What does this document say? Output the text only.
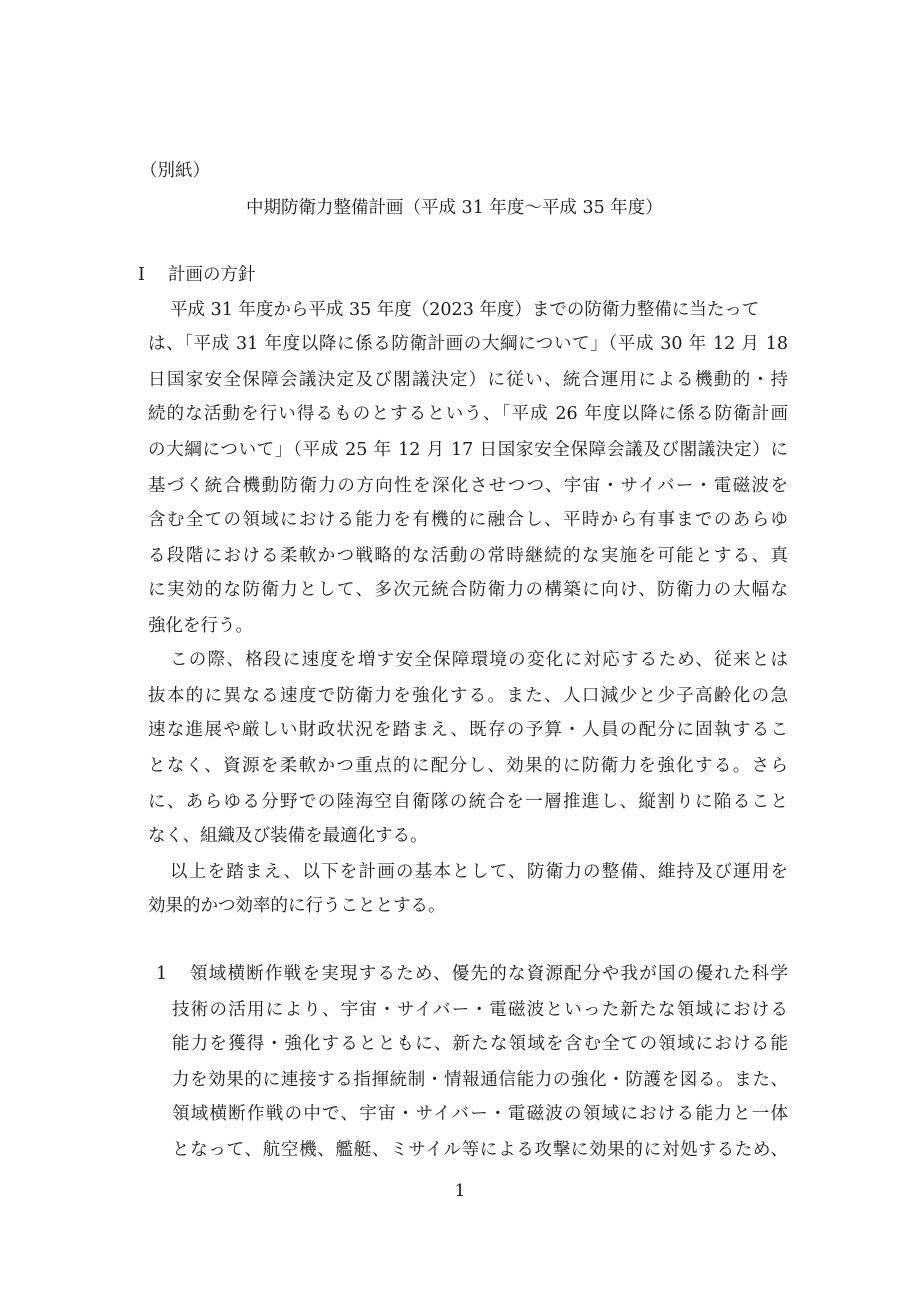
（別紙）
中期防衛力整備計画（平成 31 年度～平成 35 年度）
Ⅰ 計画の方針
平成 31 年度から平成 35 年度（2023 年度）までの防衛力整備に当たって
は、「平成 31 年度以降に係る防衛計画の大綱について」（平成 30 年 12 月 18
日国家安全保障会議決定及び閣議決定）に従い、統合運用による機動的・持
続的な活動を行い得るものとするという、「平成 26 年度以降に係る防衛計画
の大綱について」（平成 25 年 12 月 17 日国家安全保障会議及び閣議決定）に
基づく統合機動防衛力の方向性を深化させつつ、宇宙・サイバー・電磁波を
含む全ての領域における能力を有機的に融合し、平時から有事までのあらゆ
る段階における柔軟かつ戦略的な活動の常時継続的な実施を可能とする、真
に実効的な防衛力として、多次元統合防衛力の構築に向け、防衛力の大幅な
強化を行う。
この際、格段に速度を増す安全保障環境の変化に対応するため、従来とは
抜本的に異なる速度で防衛力を強化する。また、人口減少と少子高齢化の急
速な進展や厳しい財政状況を踏まえ、既存の予算・人員の配分に固執するこ
となく、資源を柔軟かつ重点的に配分し、効果的に防衛力を強化する。さら
に、あらゆる分野での陸海空自衛隊の統合を一層推進し、縦割りに陥ること
なく、組織及び装備を最適化する。
以上を踏まえ、以下を計画の基本として、防衛力の整備、維持及び運用を
効果的かつ効率的に行うこととする。
1 領域横断作戦を実現するため、優先的な資源配分や我が国の優れた科学
技術の活用により、宇宙・サイバー・電磁波といった新たな領域における
能力を獲得・強化するとともに、新たな領域を含む全ての領域における能
力を効果的に連接する指揮統制・情報通信能力の強化・防護を図る。また、
領域横断作戦の中で、宇宙・サイバー・電磁波の領域における能力と一体
となって、航空機、艦艇、ミサイル等による攻撃に効果的に対処するため、
1
